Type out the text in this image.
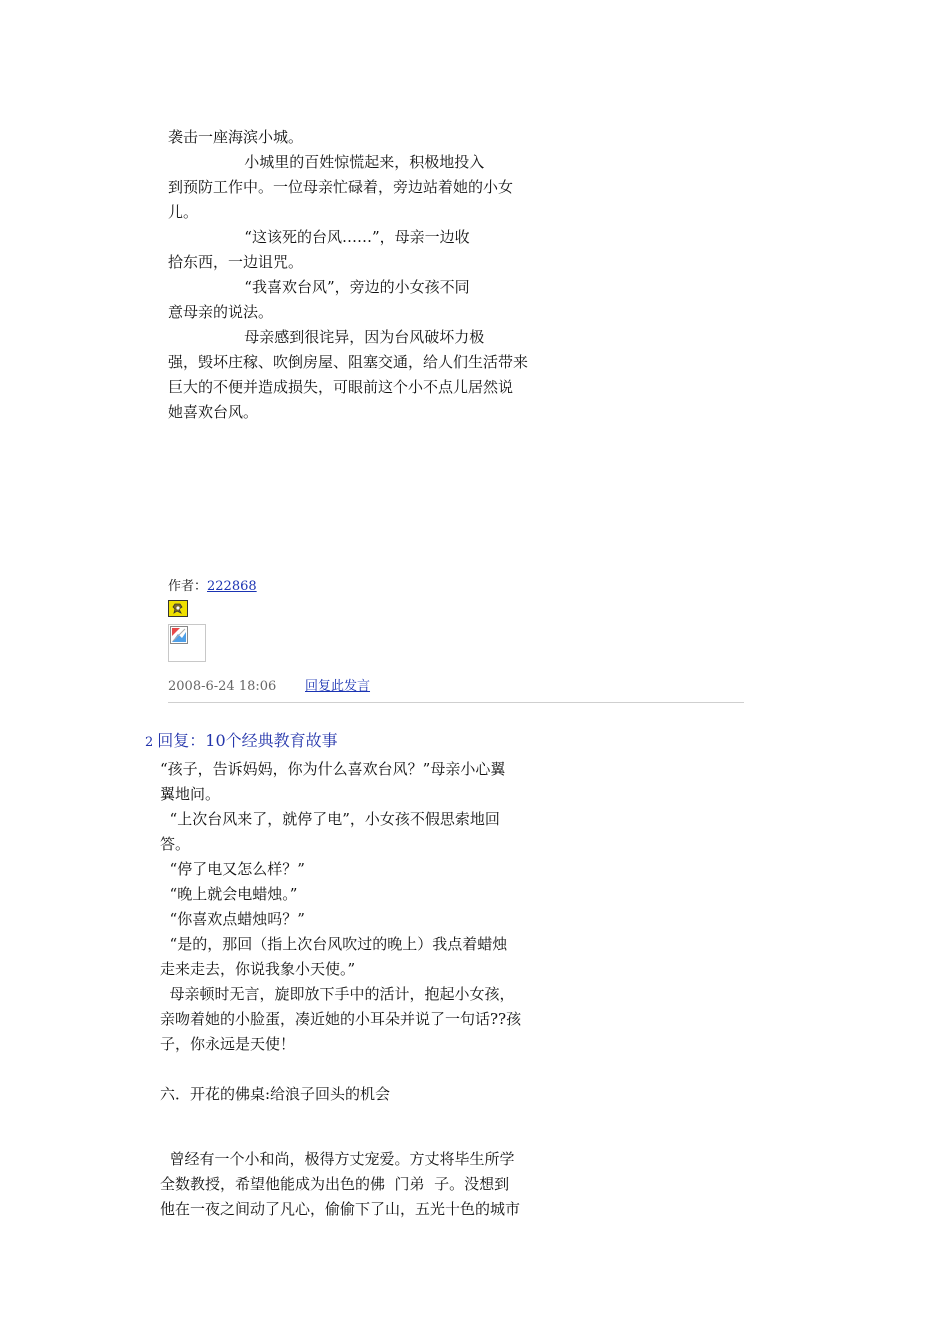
袭击一座海滨小城。
小城里的百姓惊慌起来，积极地投入
到预防工作中。一位母亲忙碌着，旁边站着她的小女
儿。
“这该死的台风……”，母亲一边收
拾东西，一边诅咒。
“我喜欢台风”，旁边的小女孩不同
意母亲的说法。
母亲感到很诧异，因为台风破坏力极
强，毁坏庄稼、吹倒房屋、阻塞交通，给人们生活带来
巨大的不便并造成损失，可眼前这个小不点儿居然说
她喜欢台风。
作者：222868
2008-6-24 18:06 回复此发言
2 回复：10个经典教育故事
“孩子，告诉妈妈，你为什么喜欢台风？”母亲小心翼
翼地问。
“上次台风来了，就停了电”，小女孩不假思索地回
答。
“停了电又怎么样？”
“晚上就会电蜡烛。”
“你喜欢点蜡烛吗？”
“是的，那回（指上次台风吹过的晚上）我点着蜡烛
走来走去，你说我象小天使。”
母亲顿时无言，旋即放下手中的活计，抱起小女孩，
亲吻着她的小脸蛋，凑近她的小耳朵并说了一句话??孩
子，你永远是天使！
六．开花的佛桌:给浪子回头的机会
曾经有一个小和尚，极得方丈宠爱。方丈将毕生所学
全数教授，希望他能成为出色的佛  门弟  子。没想到
他在一夜之间动了凡心，偷偷下了山，五光十色的城市
